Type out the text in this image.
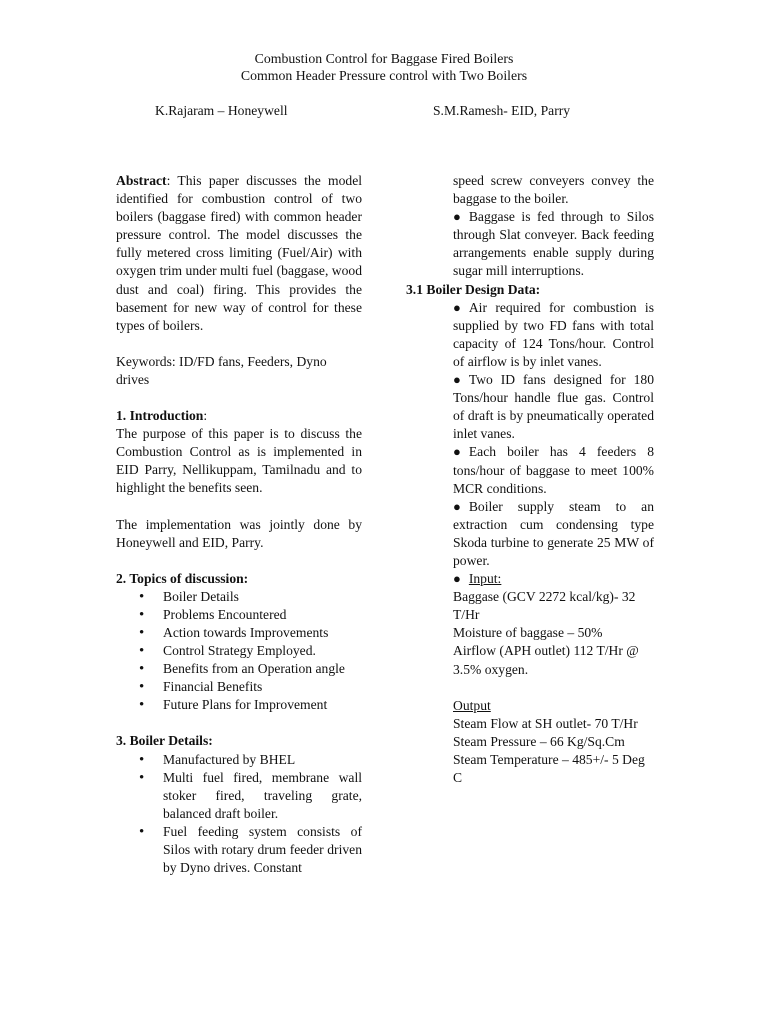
Combustion Control for Baggase Fired Boilers
Common Header Pressure control with Two Boilers
K.Rajaram – Honeywell	S.M.Ramesh- EID, Parry

Abstract: This paper discusses the model identified for combustion control of two boilers (baggase fired) with common header pressure control. The model discusses the fully metered cross limiting (Fuel/Air) with oxygen trim under multi fuel (baggase, wood dust and coal) firing. This provides the basement for new way of control for these types of boilers.

Keywords: ID/FD fans, Feeders, Dyno drives

1. Introduction:

The purpose of this paper is to discuss the Combustion Control as is implemented in EID Parry, Nellikuppam, Tamilnadu and to highlight the benefits seen.

The implementation was jointly done by Honeywell and EID, Parry.

2. Topics of discussion:

• Boiler Details
• Problems Encountered
• Action towards Improvements
• Control Strategy Employed.
• Benefits from an Operation angle
• Financial Benefits
• Future Plans for Improvement

3. Boiler Details:

• Manufactured by BHEL
• Multi fuel fired, membrane wall stoker fired, traveling grate, balanced draft boiler.
• Fuel feeding system consists of Silos with rotary drum feeder driven by Dyno drives. Constant

speed screw conveyers convey the baggase to the boiler.

● Baggase is fed through to Silos through Slat conveyer. Back feeding arrangements enable supply during sugar mill interruptions.

3.1 Boiler Design Data:

● Air required for combustion is supplied by two FD fans with total capacity of 124 Tons/hour. Control of airflow is by inlet vanes.
● Two ID fans designed for 180 Tons/hour handle flue gas. Control of draft is by pneumatically operated inlet vanes.
● Each boiler has 4 feeders 8 tons/hour of baggase to meet 100% MCR conditions.
● Boiler supply steam to an extraction cum condensing type Skoda turbine to generate 25 MW of power.
● Input:

Baggase (GCV 2272 kcal/kg)- 32 T/Hr

Moisture of baggase – 50%

Airflow (APH outlet) 112 T/Hr @ 3.5% oxygen.

Output

Steam Flow at SH outlet- 70 T/Hr

Steam Pressure – 66 Kg/Sq.Cm

Steam Temperature – 485+/- 5 Deg C
